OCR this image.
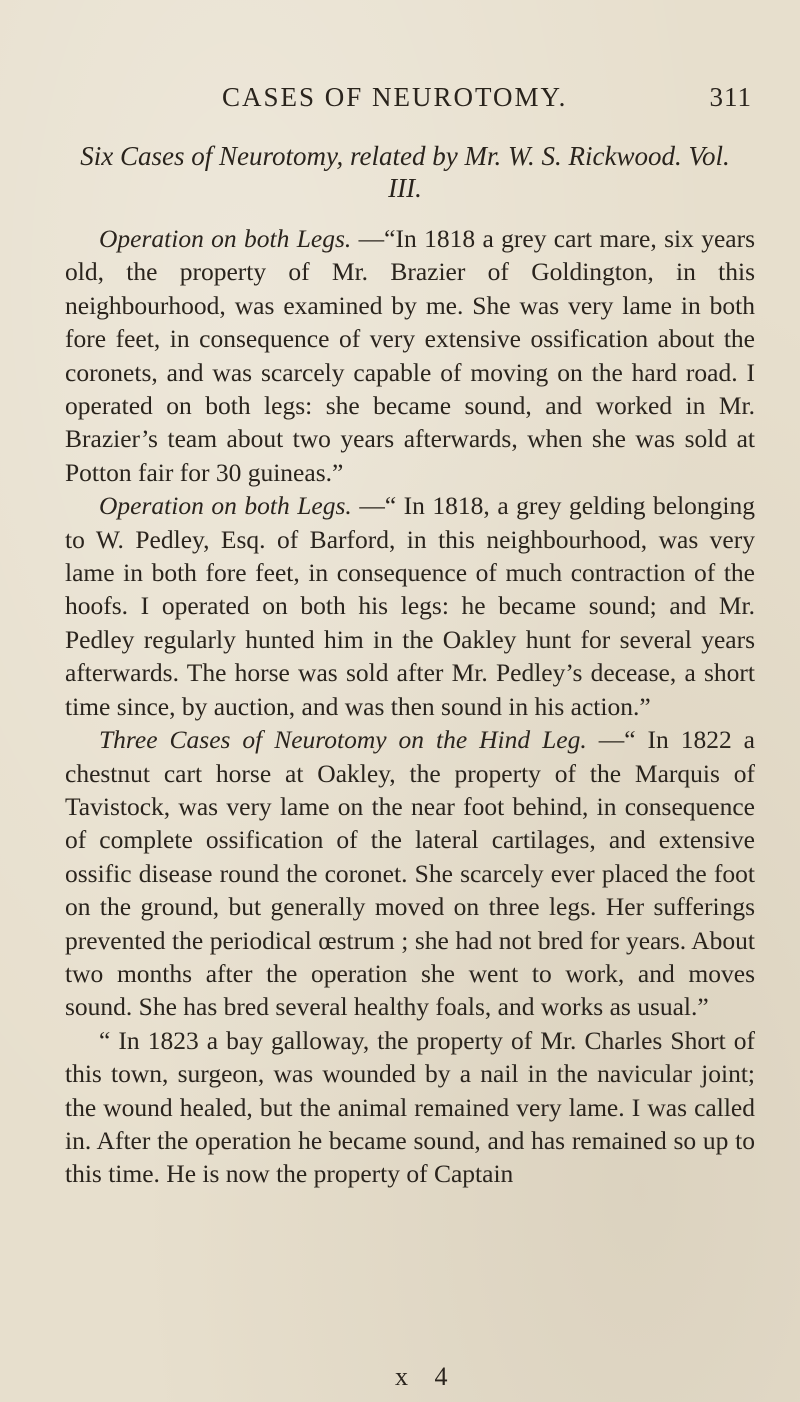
CASES OF NEUROTOMY.	311
Six Cases of Neurotomy, related by Mr. W. S. Rickwood. Vol. III.

Operation on both Legs. —“In 1818 a grey cart mare, six years old, the property of Mr. Brazier of Goldington, in this neighbourhood, was examined by me. She was very lame in both fore feet, in consequence of very extensive ossification about the coronets, and was scarcely capable of moving on the hard road. I operated on both legs: she became sound, and worked in Mr. Brazier’s team about two years afterwards, when she was sold at Potton fair for 30 guineas.”

Operation on both Legs. —“ In 1818, a grey gelding belonging to W. Pedley, Esq. of Barford, in this neighbourhood, was very lame in both fore feet, in consequence of much contraction of the hoofs. I operated on both his legs: he became sound; and Mr. Pedley regularly hunted him in the Oakley hunt for several years afterwards. The horse was sold after Mr. Pedley’s decease, a short time since, by auction, and was then sound in his action.”

Three Cases of Neurotomy on the Hind Leg. —“ In 1822 a chestnut cart horse at Oakley, the property of the Marquis of Tavistock, was very lame on the near foot behind, in consequence of complete ossification of the lateral cartilages, and extensive ossific disease round the coronet. She scarcely ever placed the foot on the ground, but generally moved on three legs. Her sufferings prevented the periodical œstrum ; she had not bred for years. About two months after the operation she went to work, and moves sound. She has bred several healthy foals, and works as usual.”

“ In 1823 a bay galloway, the property of Mr. Charles Short of this town, surgeon, was wounded by a nail in the navicular joint; the wound healed, but the animal remained very lame. I was called in. After the operation he became sound, and has remained so up to this time. He is now the property of Captain

x 4
